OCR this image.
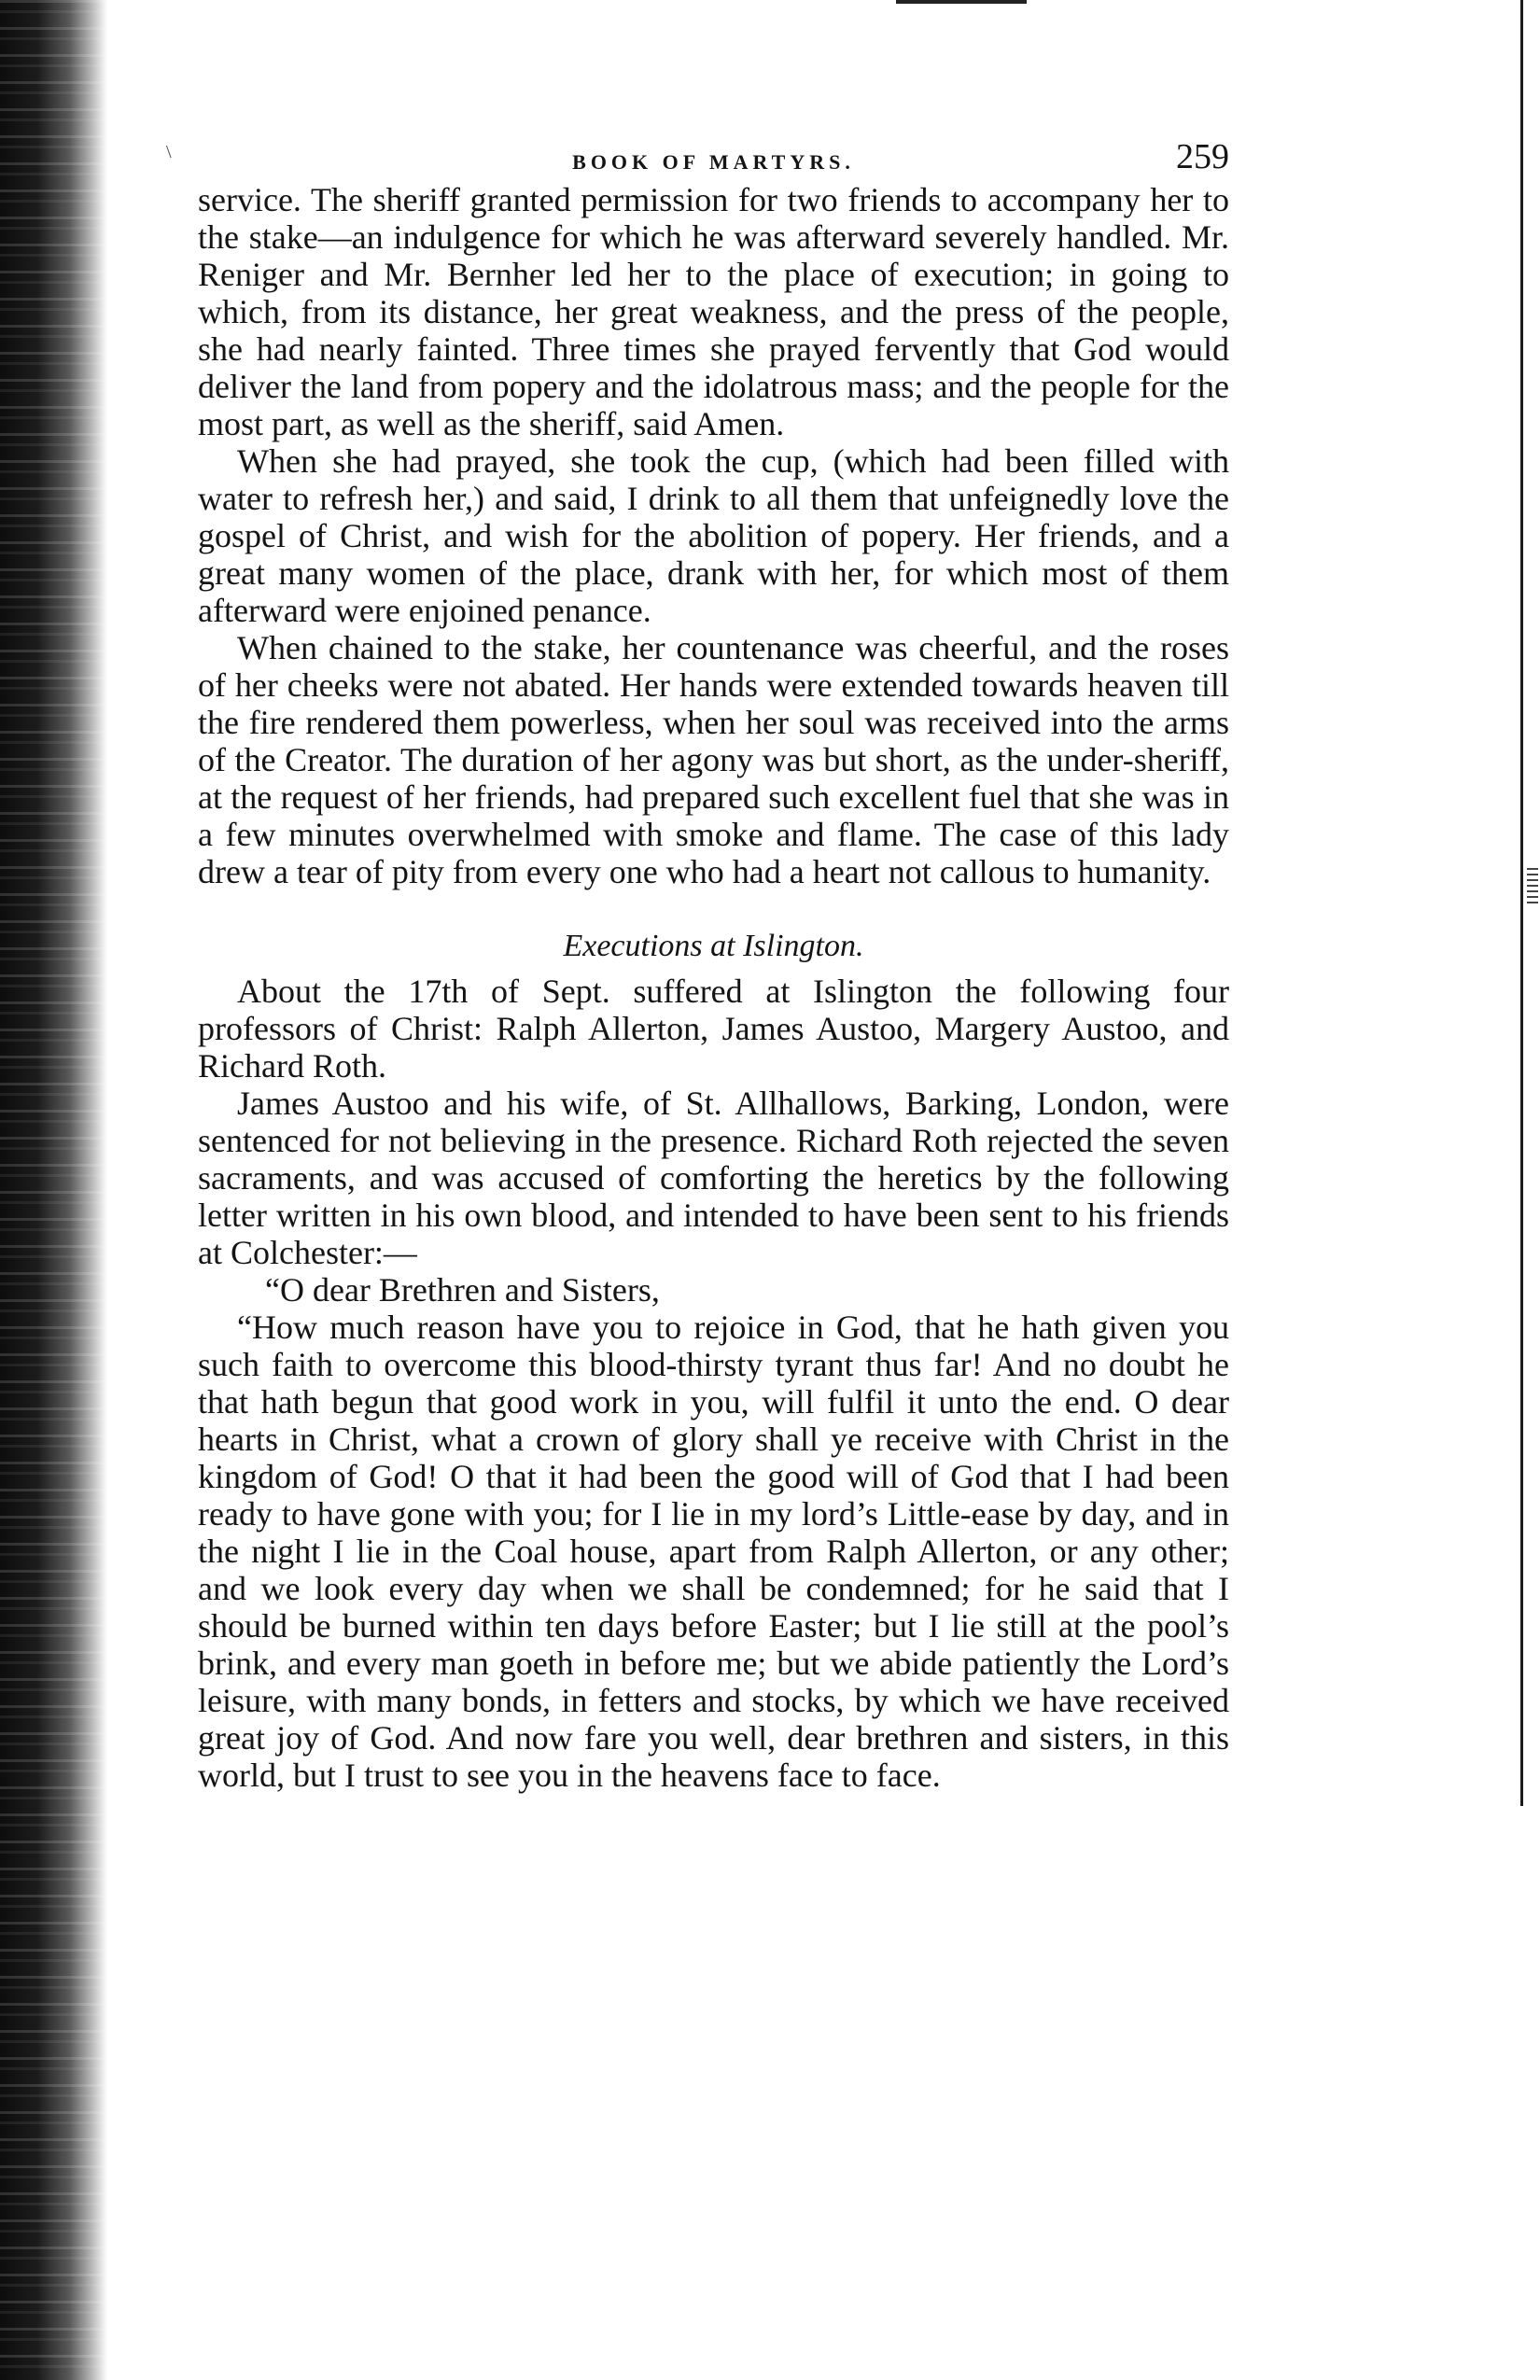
\	BOOK OF MARTYRS.	259

service. The sheriff granted permission for two friends to accompany her to the stake—an indulgence for which he was afterward severely handled. Mr. Reniger and Mr. Bernher led her to the place of execution; in going to which, from its distance, her great weakness, and the press of the people, she had nearly fainted. Three times she prayed fervently that God would deliver the land from popery and the idolatrous mass; and the people for the most part, as well as the sheriff, said Amen.

When she had prayed, she took the cup, (which had been filled with water to refresh her,) and said, I drink to all them that unfeignedly love the gospel of Christ, and wish for the abolition of popery. Her friends, and a great many women of the place, drank with her, for which most of them afterward were enjoined penance.

When chained to the stake, her countenance was cheerful, and the roses of her cheeks were not abated. Her hands were extended towards heaven till the fire rendered them powerless, when her soul was received into the arms of the Creator. The duration of her agony was but short, as the under-sheriff, at the request of her friends, had prepared such excellent fuel that she was in a few minutes overwhelmed with smoke and flame. The case of this lady drew a tear of pity from every one who had a heart not callous to humanity.

Executions at Islington.

About the 17th of Sept. suffered at Islington the following four professors of Christ: Ralph Allerton, James Austoo, Margery Austoo, and Richard Roth.

James Austoo and his wife, of St. Allhallows, Barking, London, were sentenced for not believing in the presence. Richard Roth rejected the seven sacraments, and was accused of comforting the heretics by the following letter written in his own blood, and intended to have been sent to his friends at Colchester:—

“O dear Brethren and Sisters,

“How much reason have you to rejoice in God, that he hath given you such faith to overcome this blood-thirsty tyrant thus far! And no doubt he that hath begun that good work in you, will fulfil it unto the end. O dear hearts in Christ, what a crown of glory shall ye receive with Christ in the kingdom of God! O that it had been the good will of God that I had been ready to have gone with you; for I lie in my lord’s Little-ease by day, and in the night I lie in the Coal house, apart from Ralph Allerton, or any other; and we look every day when we shall be condemned; for he said that I should be burned within ten days before Easter; but I lie still at the pool’s brink, and every man goeth in before me; but we abide patiently the Lord’s leisure, with many bonds, in fetters and stocks, by which we have received great joy of God. And now fare you well, dear brethren and sisters, in this world, but I trust to see you in the heavens face to face.
